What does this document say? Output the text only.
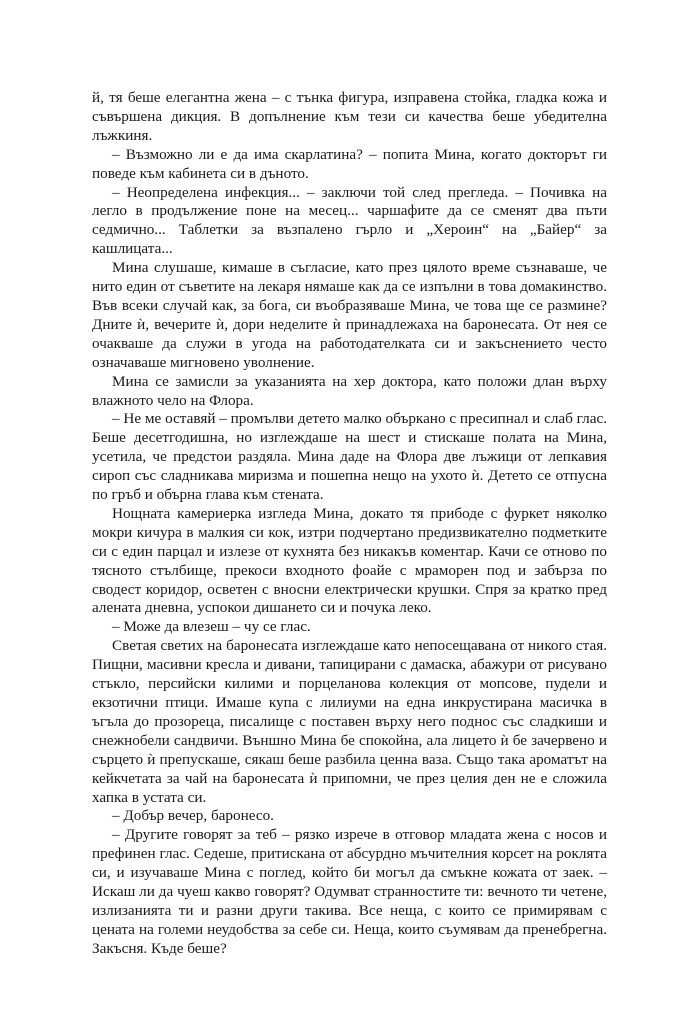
й, тя беше елегантна жена – с тънка фигура, изправена стойка, гладка кожа и съвършена дикция. В допълнение към тези си качества беше убедителна лъжкиня.

– Възможно ли е да има скарлатина? – попита Мина, когато докторът ги поведе към кабинета си в дъното.

– Неопределена инфекция... – заключи той след прегледа. – Почивка на легло в продължение поне на месец... чаршафите да се сменят два пъти седмично... Таблетки за възпалено гърло и „Хероин“ на „Байер“ за кашлицата...

Мина слушаше, кимаше в съгласие, като през цялото време съзнаваше, че нито един от съветите на лекаря нямаше как да се изпълни в това домакинство. Във всеки случай как, за бога, си въобразяваше Мина, че това ще се размине? Дните ѝ, вечерите ѝ, дори неделите ѝ принадлежаха на баронесата. От нея се очакваше да служи в угода на работодателката си и закъснението често означаваше мигновено уволнение.

Мина се замисли за указанията на хер доктора, като положи длан върху влажното чело на Флора.

– Не ме оставяй – промълви детето малко объркано с пресипнал и слаб глас. Беше десетгодишна, но изглеждаше на шест и стискаше полата на Мина, усетила, че предстои раздяла. Мина даде на Флора две лъжици от лепкавия сироп със сладникава миризма и пошепна нещо на ухото ѝ. Детето се отпусна по гръб и обърна глава към стената.

Нощната камериерка изгледа Мина, докато тя прибоде с фуркет няколко мокри кичура в малкия си кок, изтри подчертано предизвикателно подметките си с един парцал и излезе от кухнята без никакъв коментар. Качи се отново по тясното стълбище, прекоси входното фоайе с мраморен под и забърза по сводест коридор, осветен с вносни електрически крушки. Спря за кратко пред алената дневна, успокои дишането си и почука леко.

– Може да влезеш – чу се глас.

Светая светих на баронесата изглеждаше като непосещавана от никого стая. Пищни, масивни кресла и дивани, тапицирани с дамаска, абажури от рисувано стъкло, персийски килими и порцеланова колекция от мопсове, пудели и екзотични птици. Имаше купа с лилиуми на една инкрустирана масичка в ъгъла до прозореца, писалище с поставен върху него поднос със сладкиши и снежнобели сандвичи. Външно Мина бе спокойна, ала лицето ѝ бе зачервено и сърцето ѝ препускаше, сякаш беше разбила ценна ваза. Също така ароматът на кейкчетата за чай на баронесата ѝ припомни, че през целия ден не е сложила хапка в устата си.

– Добър вечер, баронесо.

– Другите говорят за теб – рязко изрече в отговор младата жена с носов и префинен глас. Седеше, притискана от абсурдно мъчителния корсет на роклята си, и изучаваше Мина с поглед, който би могъл да смъкне кожата от заек. – Искаш ли да чуеш какво говорят? Одумват странностите ти: вечното ти четене, излизанията ти и разни други такива. Все неща, с които се примирявам с цената на големи неудобства за себе си. Неща, които съумявам да пренебрегна. Закъсня. Къде беше?
